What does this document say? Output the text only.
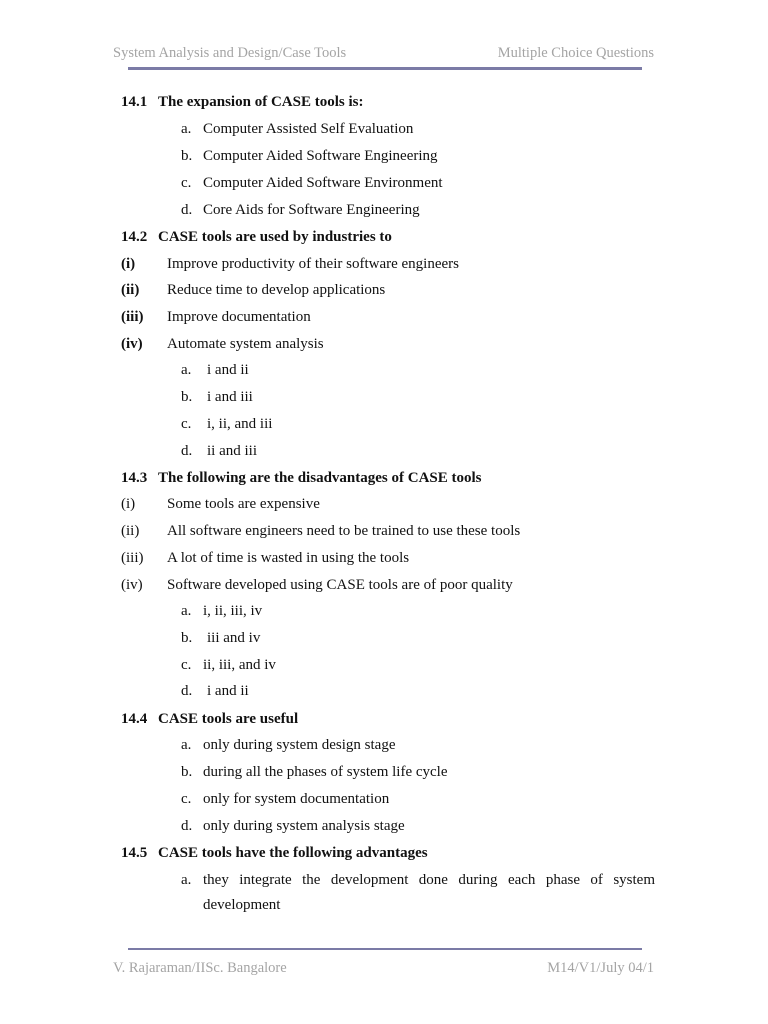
System Analysis and Design/Case Tools	Multiple Choice Questions
14.1 The expansion of CASE tools is:
a. Computer Assisted Self Evaluation
b. Computer Aided Software Engineering
c. Computer Aided Software Environment
d. Core Aids for Software Engineering
14.2 CASE tools are used by industries to
(i) Improve productivity of their software engineers
(ii) Reduce time to develop applications
(iii) Improve documentation
(iv) Automate system analysis
a. i and ii
b. i and iii
c. i, ii, and iii
d. ii and iii
14.3 The following are the disadvantages of CASE tools
(i) Some tools are expensive
(ii) All software engineers need to be trained to use these tools
(iii) A lot of time is wasted in using the tools
(iv) Software developed using CASE tools are of poor quality
a. i, ii, iii, iv
b. iii and iv
c. ii, iii, and iv
d. i and ii
14.4 CASE tools are useful
a. only during system design stage
b. during all the phases of system life cycle
c. only for system documentation
d. only during system analysis stage
14.5 CASE tools have the following advantages
a. they integrate the development done during each phase of system
development
V. Rajaraman/IISc. Bangalore	M14/V1/July 04/1
